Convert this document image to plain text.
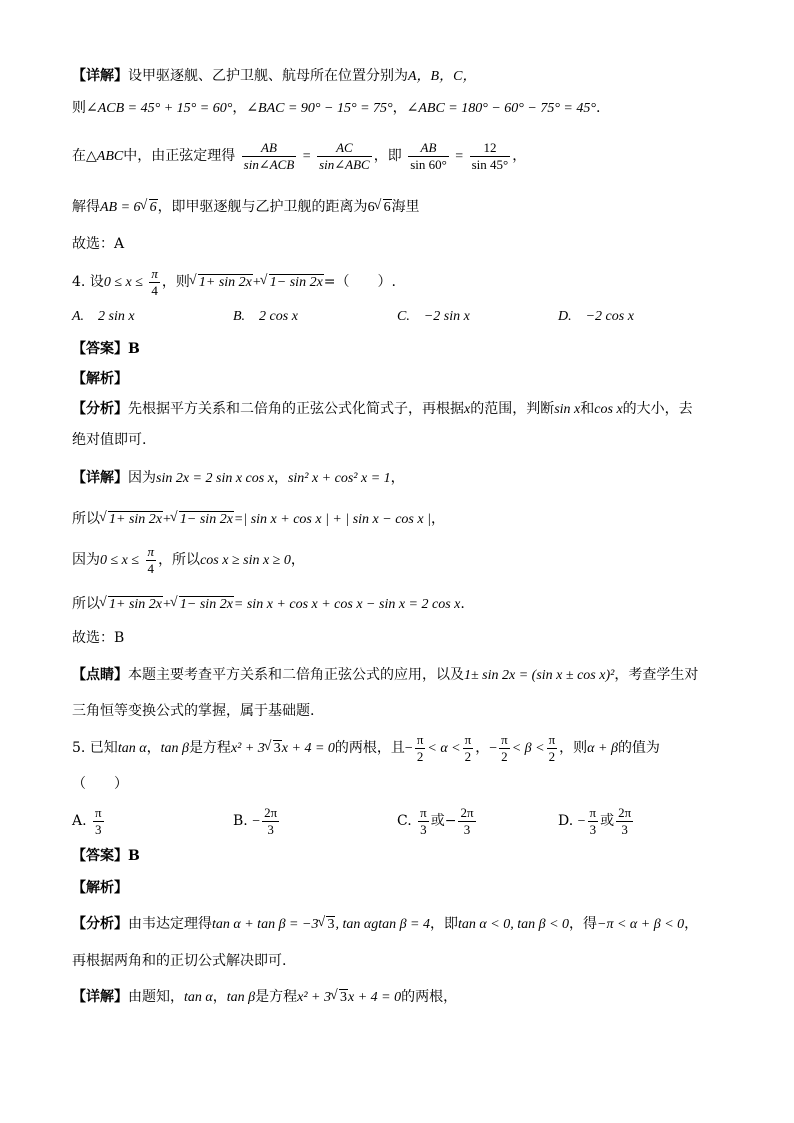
【详解】设甲驱逐舰、乙护卫舰、航母所在位置分别为A，B，C，
则∠ACB = 45° + 15° = 60°，∠BAC = 90° − 15° = 75°，∠ABC = 180° − 60° − 75° = 45°.
在△ABC中，由正弦定理得 $\frac{AB}{\text{sin∠ACB}} = \frac{AC}{\text{sin∠ABC}}$ ，即 $\frac{AB}{\sin 60^\circ} = \frac{12}{\sin 45^\circ}$ ，
解得AB = 6 √ 6，即甲驱逐舰与乙护卫舰的距离为6 √ 6海里
故选：A
4. 设$0 \le x \le \frac{\pi}{4}$ ，则 √ 1+ sin 2x+ √ 1− sin 2x=（　　）.
A.　2 sin x	B.　2 cos x	C.　−2 sin x	D.　−2 cos x
【答案】B
【解析】
【分析】先根据平方关系和二倍角的正弦公式化简式子，再根据x的范围，判断sin x和cos x的大小，去
绝对值即可.
【详解】因为sin 2x = 2 sin x cos x，sin² x + cos² x = 1，
所以 √ 1+ sin 2x+ √ 1− sin 2x=| sin x + cos x | + | sin x − cos x |，
因为$0 \le x \le \frac{\pi}{4}$ ，所以cos x ≥ sin x ≥ 0，
所以 √ 1+ sin 2x+ √ 1− sin 2x= sin x + cos x + cos x − sin x = 2 cos x.
故选：B
【点睛】本题主要考查平方关系和二倍角正弦公式的应用，以及1± sin 2x = (sin x ± cos x)²，考查学生对
三角恒等变换公式的掌握，属于基础题.
5. 已知tan α，tan β是方程x² + 3 √ 3x + 4 = 0的两根，且− $\frac{\pi}{2} < \alpha < \frac{\pi}{2}$ ，− $\frac{\pi}{2} < \beta < \frac{\pi}{2}$ ，则α + β的值为
（　　）
A. $\frac{\pi}{3}$	B. − $\frac{2\pi}{3}$	C. $\frac{\pi}{3}$ 或− $\frac{2\pi}{3}$	D. − $\frac{\pi}{3}$ 或 $\frac{2\pi}{3}$
【答案】B
【解析】
【分析】由韦达定理得tan α + tan β = −3 √ 3, tan αgtan β = 4，即tan α < 0, tan β < 0，得−π < α + β < 0，
再根据两角和的正切公式解决即可.
【详解】由题知，tan α，tan β是方程x² + 3 √ 3x + 4 = 0的两根，
